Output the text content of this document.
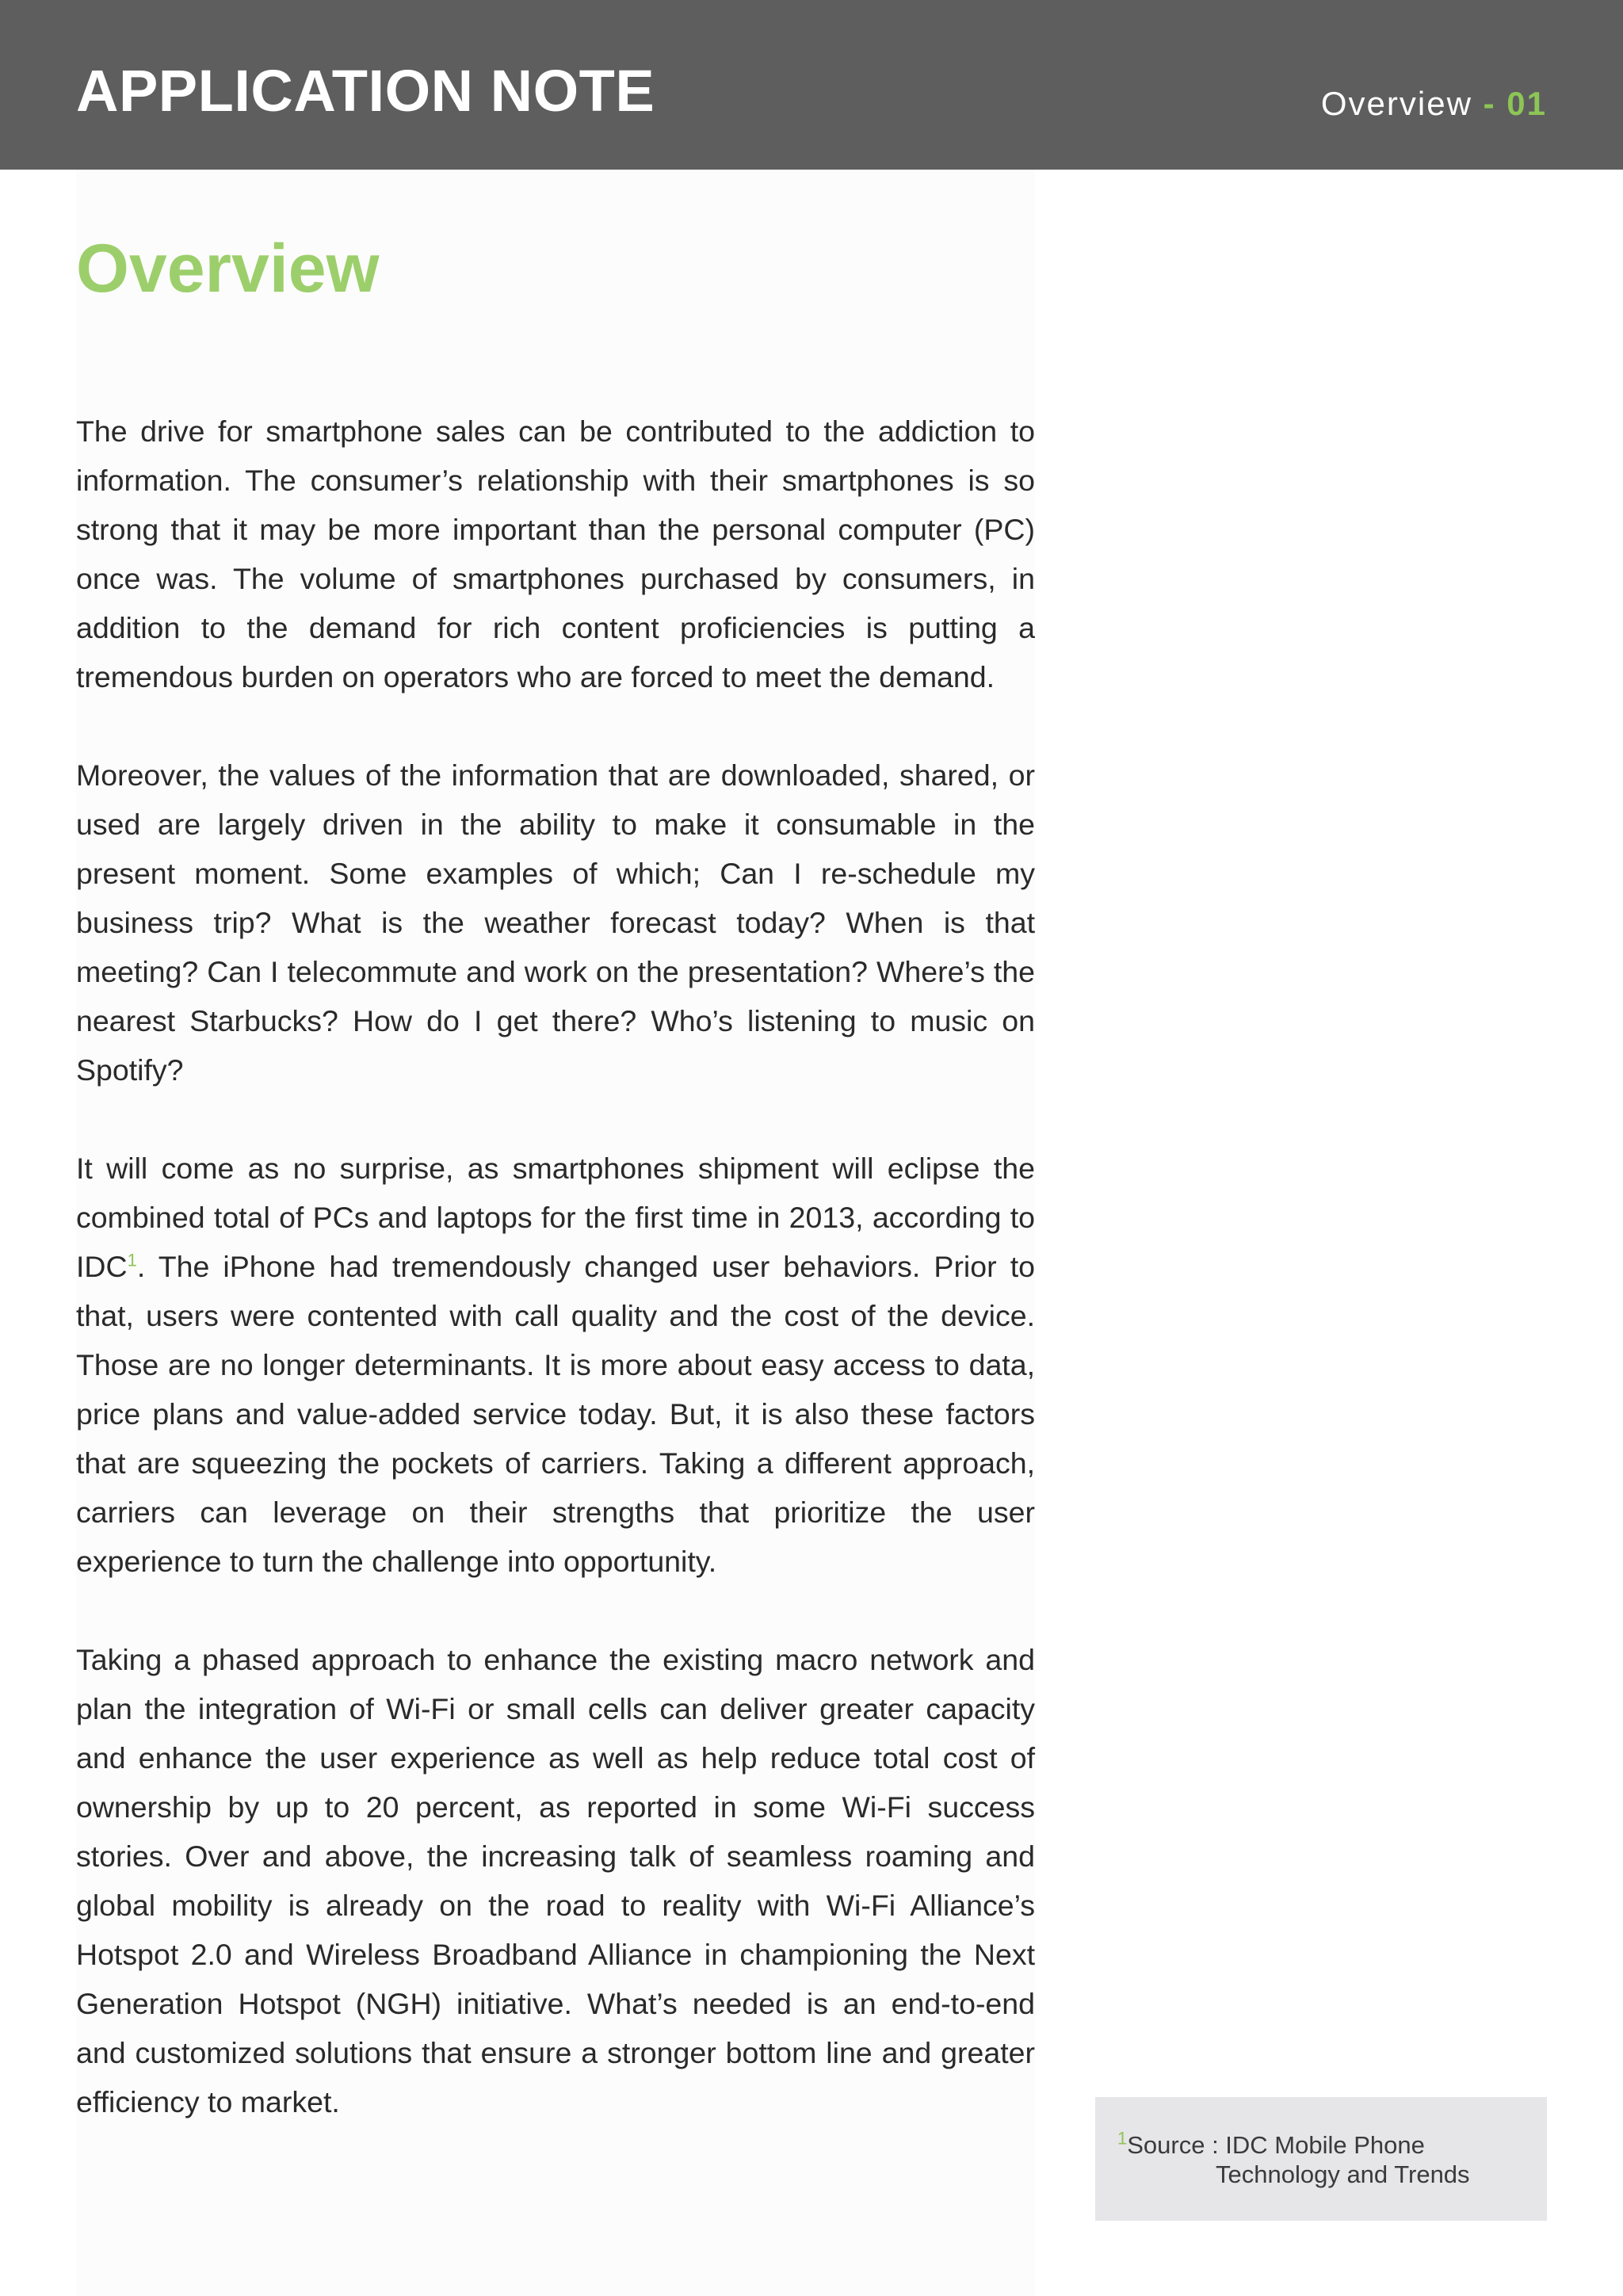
APPLICATION NOTE	Overview - 01
Overview

The drive for smartphone sales can be contributed to the addiction to information. The consumer’s relationship with their smartphones is so strong that it may be more important than the personal computer (PC) once was. The volume of smartphones purchased by consumers, in addition to the demand for rich content proficiencies is putting a tremendous burden on operators who are forced to meet the demand.

Moreover, the values of the information that are downloaded, shared, or used are largely driven in the ability to make it consumable in the present moment. Some examples of which; Can I re-schedule my business trip? What is the weather forecast today? When is that meeting? Can I telecommute and work on the presentation? Where’s the nearest Starbucks? How do I get there? Who’s listening to music on Spotify?

It will come as no surprise, as smartphones shipment will eclipse the combined total of PCs and laptops for the first time in 2013, according to IDC$^1$. The iPhone had tremendously changed user behaviors. Prior to that, users were contented with call quality and the cost of the device. Those are no longer determinants. It is more about easy access to data, price plans and value-added service today. But, it is also these factors that are squeezing the pockets of carriers. Taking a different approach, carriers can leverage on their strengths that prioritize the user experience to turn the challenge into opportunity.

Taking a phased approach to enhance the existing macro network and plan the integration of Wi-Fi or small cells can deliver greater capacity and enhance the user experience as well as help reduce total cost of ownership by up to 20 percent, as reported in some Wi-Fi success stories. Over and above, the increasing talk of seamless roaming and global mobility is already on the road to reality with Wi-Fi Alliance’s Hotspot 2.0 and Wireless Broadband Alliance in championing the Next Generation Hotspot (NGH) initiative. What’s needed is an end-to-end and customized solutions that ensure a stronger bottom line and greater efficiency to market.

$^1$Source : IDC Mobile Phone
Technology and Trends
